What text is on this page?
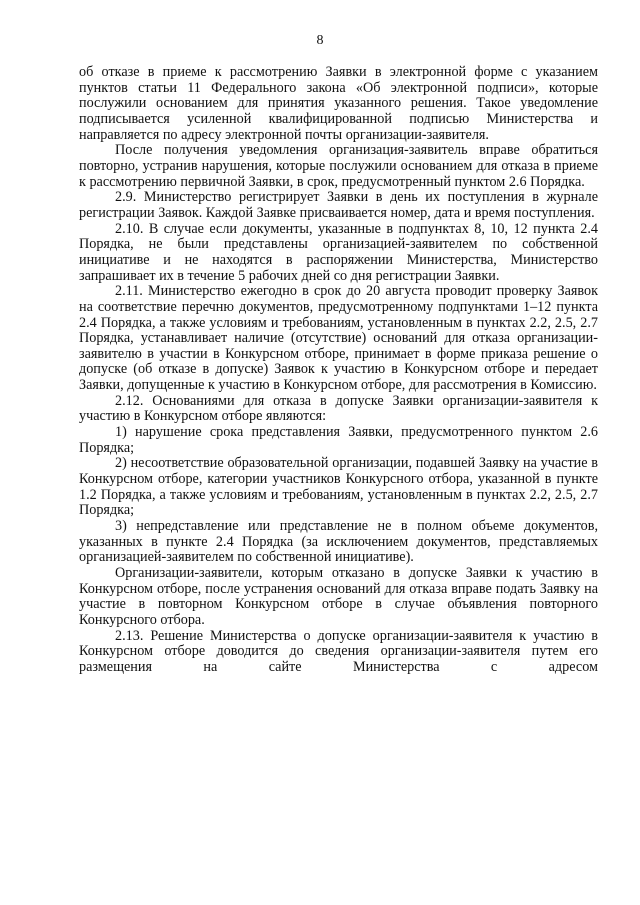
8

об отказе в приеме к рассмотрению Заявки в электронной форме с указанием пунктов статьи 11 Федерального закона «Об электронной подписи», которые послужили основанием для принятия указанного решения. Такое уведомление подписывается усиленной квалифицированной подписью Министерства и направляется по адресу электронной почты организации-заявителя.

После получения уведомления организация-заявитель вправе обратиться повторно, устранив нарушения, которые послужили основанием для отказа в приеме к рассмотрению первичной Заявки, в срок, предусмотренный пунктом 2.6 Порядка.

2.9. Министерство регистрирует Заявки в день их поступления в журнале регистрации Заявок. Каждой Заявке присваивается номер, дата и время поступления.

2.10. В случае если документы, указанные в подпунктах 8, 10, 12 пункта 2.4 Порядка, не были представлены организацией-заявителем по собственной инициативе и не находятся в распоряжении Министерства, Министерство запрашивает их в течение 5 рабочих дней со дня регистрации Заявки.

2.11. Министерство ежегодно в срок до 20 августа проводит проверку Заявок на соответствие перечню документов, предусмотренному подпунктами 1–12 пункта 2.4 Порядка, а также условиям и требованиям, установленным в пунктах 2.2, 2.5, 2.7 Порядка, устанавливает наличие (отсутствие) оснований для отказа организации-заявителю в участии в Конкурсном отборе, принимает в форме приказа решение о допуске (об отказе в допуске) Заявок к участию в Конкурсном отборе и передает Заявки, допущенные к участию в Конкурсном отборе, для рассмотрения в Комиссию.

2.12. Основаниями для отказа в допуске Заявки организации-заявителя к участию в Конкурсном отборе являются:

1) нарушение срока представления Заявки, предусмотренного пунктом 2.6 Порядка;

2) несоответствие образовательной организации, подавшей Заявку на участие в Конкурсном отборе, категории участников Конкурсного отбора, указанной в пункте 1.2 Порядка, а также условиям и требованиям, установленным в пунктах 2.2, 2.5, 2.7 Порядка;

3) непредставление или представление не в полном объеме документов, указанных в пункте 2.4 Порядка (за исключением документов, представляемых организацией-заявителем по собственной инициативе).

Организации-заявители, которым отказано в допуске Заявки к участию в Конкурсном отборе, после устранения оснований для отказа вправе подать Заявку на участие в повторном Конкурсном отборе в случае объявления повторного Конкурсного отбора.

2.13. Решение Министерства о допуске организации-заявителя к участию в Конкурсном отборе доводится до сведения организации-заявителя путем его размещения на сайте Министерства с адресом
